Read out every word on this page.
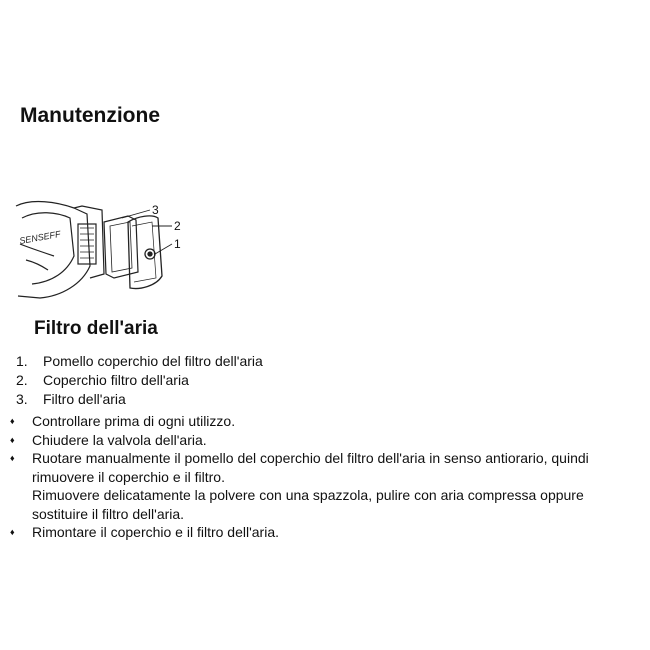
Manutenzione
SENSEFF
3
2
1
Filtro dell'aria
1.	Pomello coperchio del filtro dell'aria
2.	Coperchio filtro dell'aria
3.	Filtro dell'aria
♦	Controllare prima di ogni utilizzo.
♦	Chiudere la valvola dell'aria.
♦	Ruotare manualmente il pomello del coperchio del filtro dell'aria in senso antiorario, quindi rimuovere il coperchio e il filtro.
Rimuovere delicatamente la polvere con una spazzola, pulire con aria compressa oppure sostituire il filtro dell'aria.
♦	Rimontare il coperchio e il filtro dell'aria.
